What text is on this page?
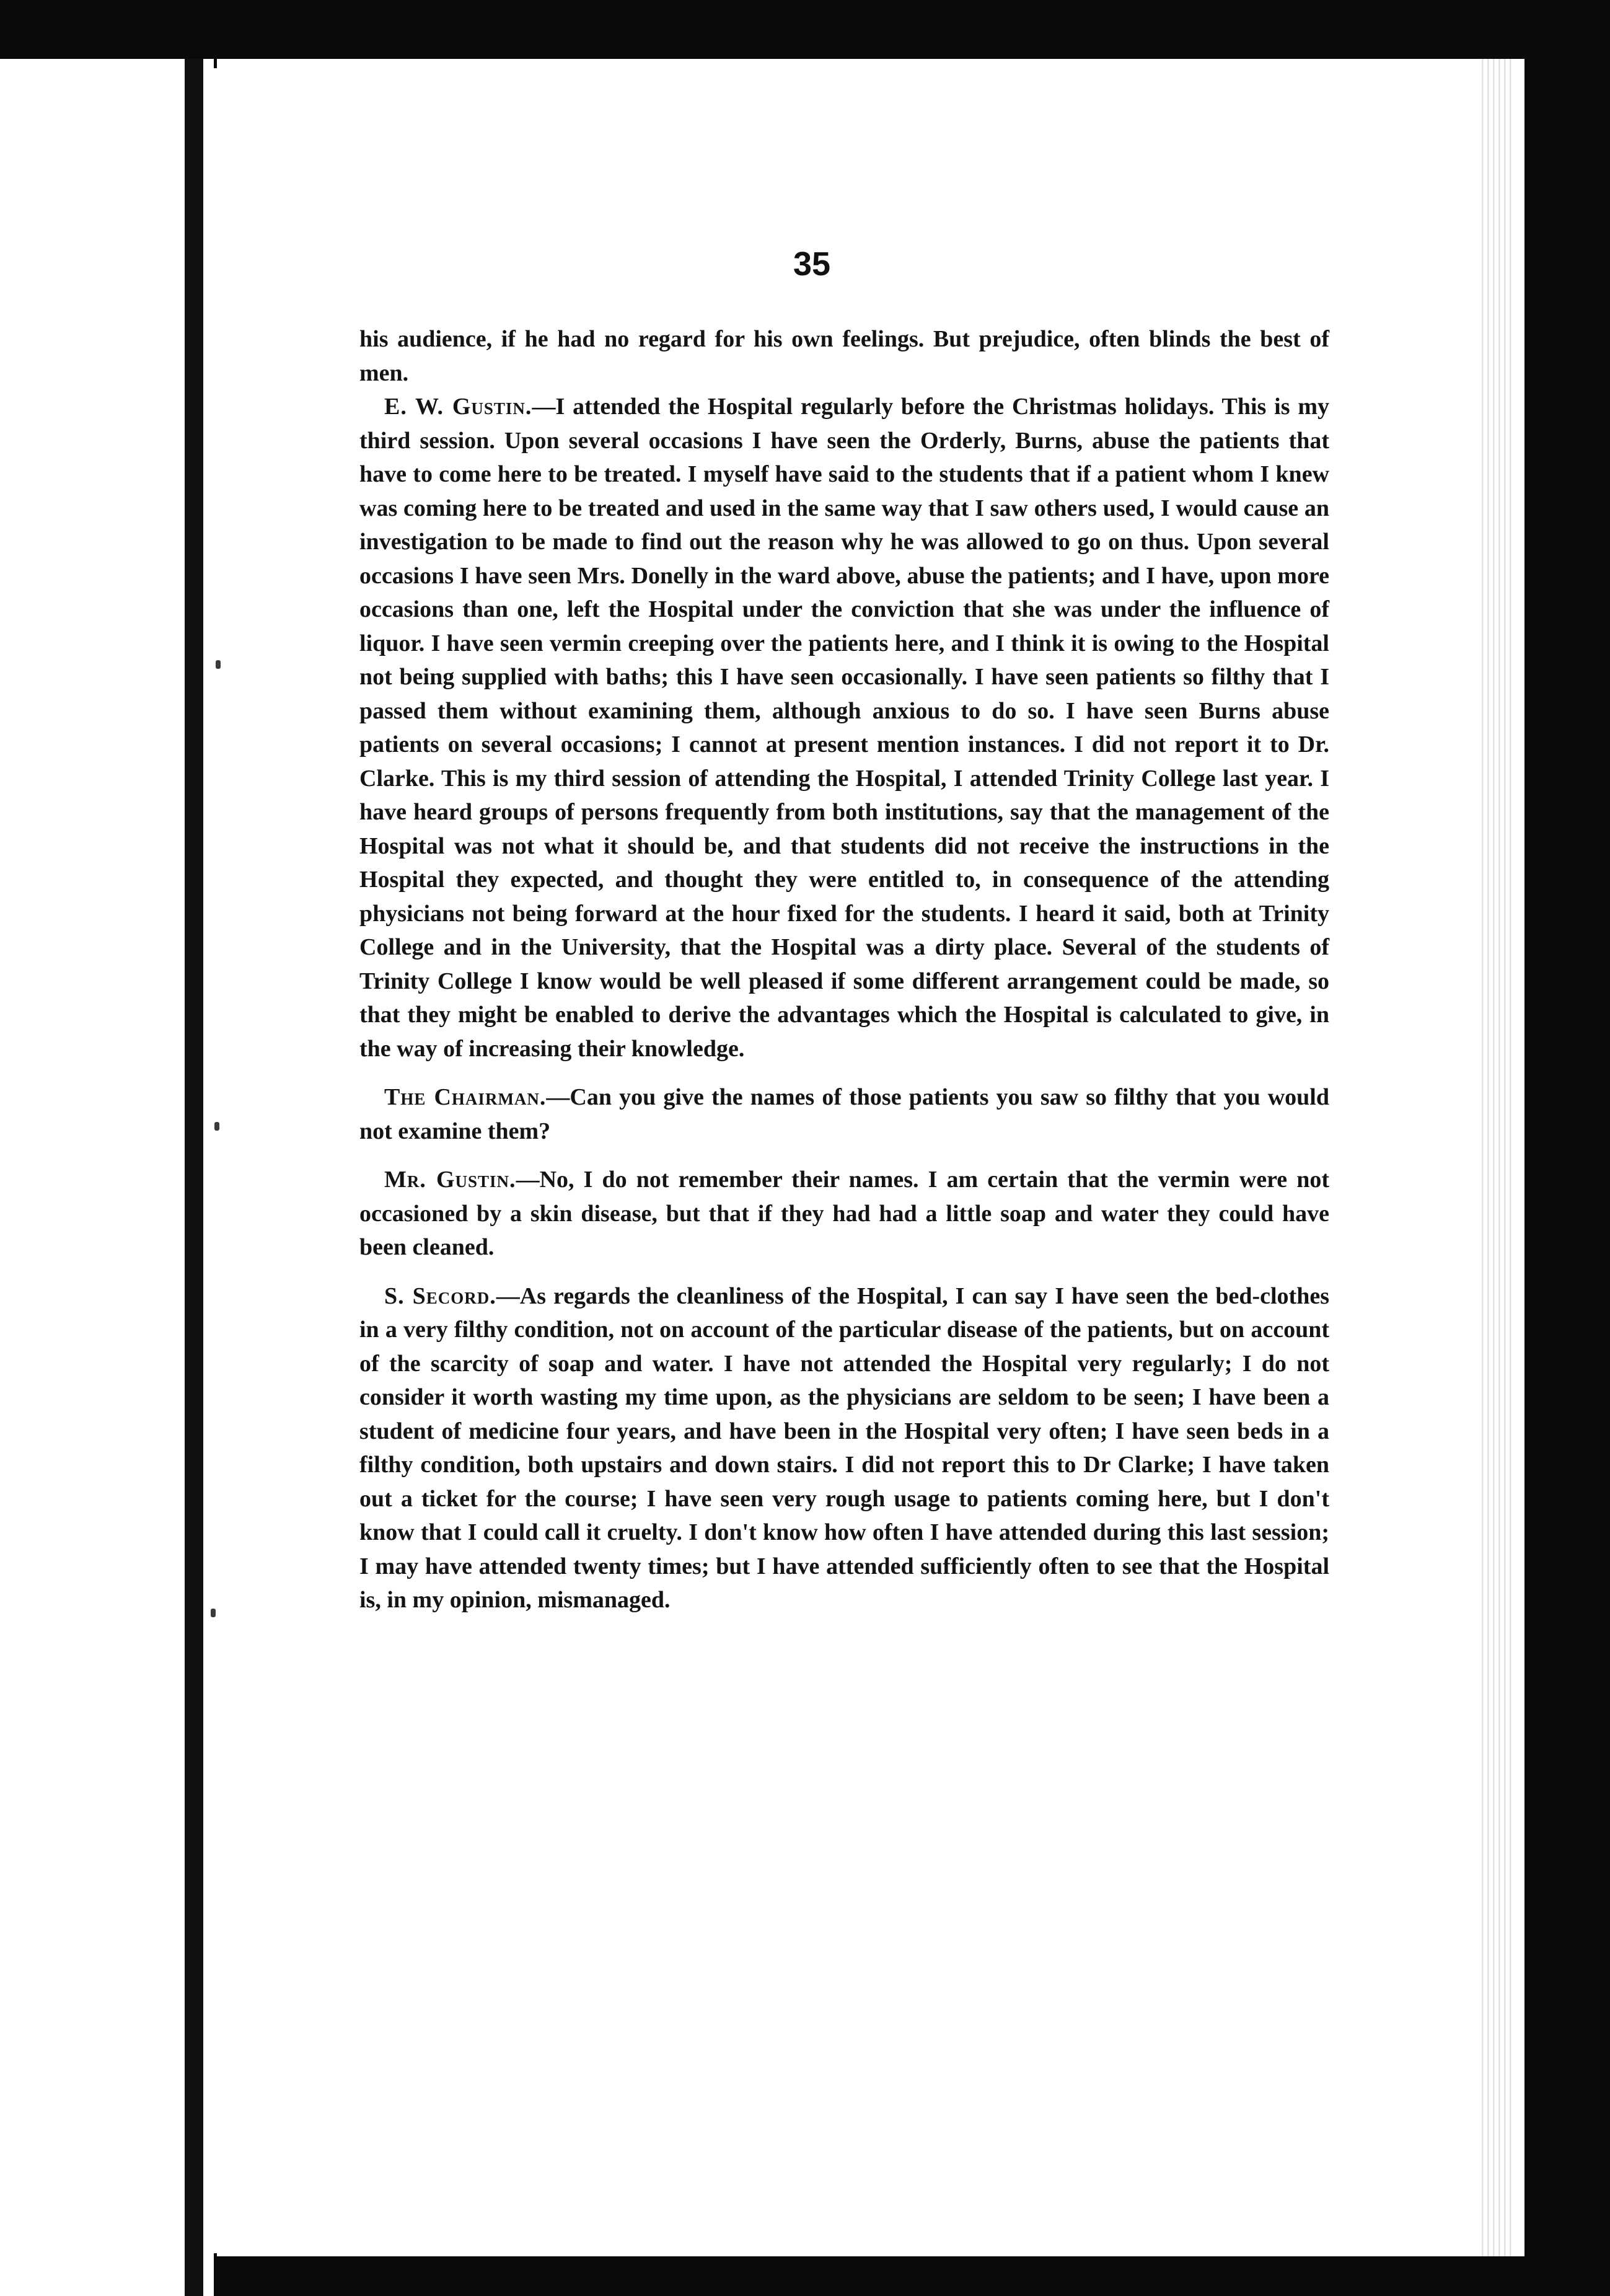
35

his audience, if he had no regard for his own feelings. But prejudice, often blinds the best of men.

E. W. Gustin.—I attended the Hospital regularly before the Christmas holidays. This is my third session. Upon several occasions I have seen the Orderly, Burns, abuse the patients that have to come here to be treated. I myself have said to the students that if a patient whom I knew was coming here to be treated and used in the same way that I saw others used, I would cause an investigation to be made to find out the reason why he was allowed to go on thus. Upon several occasions I have seen Mrs. Donelly in the ward above, abuse the patients; and I have, upon more occasions than one, left the Hospital under the conviction that she was under the influence of liquor. I have seen vermin creeping over the patients here, and I think it is owing to the Hospital not being supplied with baths; this I have seen occasionally. I have seen patients so filthy that I passed them without examining them, although anxious to do so. I have seen Burns abuse patients on several occasions; I cannot at present mention instances. I did not report it to Dr. Clarke. This is my third session of attending the Hospital, I attended Trinity College last year. I have heard groups of persons frequently from both institutions, say that the management of the Hospital was not what it should be, and that students did not receive the instructions in the Hospital they expected, and thought they were entitled to, in consequence of the attending physicians not being forward at the hour fixed for the students. I heard it said, both at Trinity College and in the University, that the Hospital was a dirty place. Several of the students of Trinity College I know would be well pleased if some different arrangement could be made, so that they might be enabled to derive the advantages which the Hospital is calculated to give, in the way of increasing their knowledge.

The Chairman.—Can you give the names of those patients you saw so filthy that you would not examine them?

Mr. Gustin.—No, I do not remember their names. I am certain that the vermin were not occasioned by a skin disease, but that if they had had a little soap and water they could have been cleaned.

S. Secord.—As regards the cleanliness of the Hospital, I can say I have seen the bed-clothes in a very filthy condition, not on account of the particular disease of the patients, but on account of the scarcity of soap and water. I have not attended the Hospital very regularly; I do not consider it worth wasting my time upon, as the physicians are seldom to be seen; I have been a student of medicine four years, and have been in the Hospital very often; I have seen beds in a filthy condition, both upstairs and down stairs. I did not report this to Dr Clarke; I have taken out a ticket for the course; I have seen very rough usage to patients coming here, but I don't know that I could call it cruelty. I don't know how often I have attended during this last session; I may have attended twenty times; but I have attended sufficiently often to see that the Hospital is, in my opinion, mismanaged.
